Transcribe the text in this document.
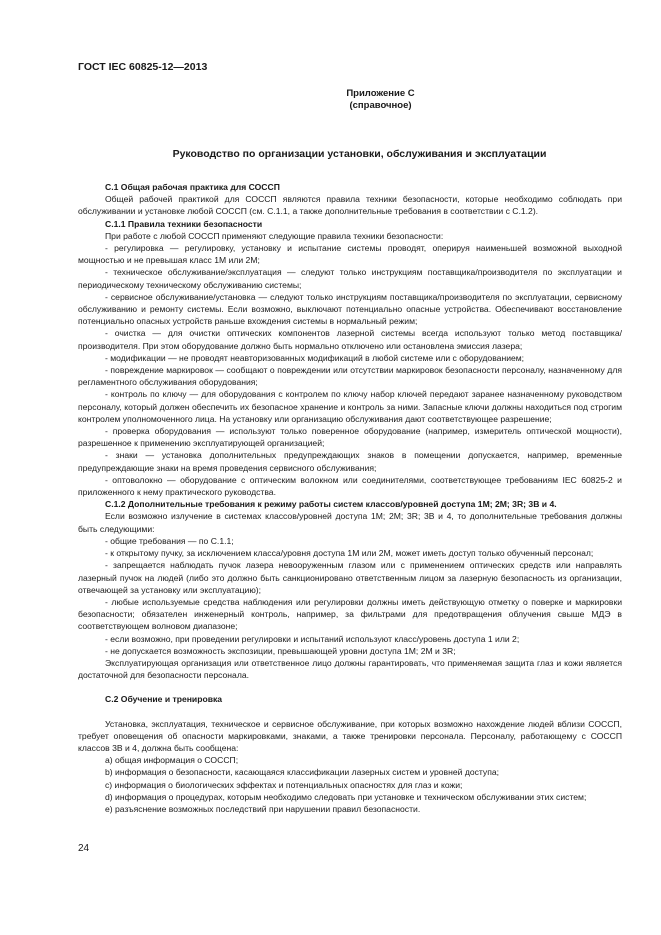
ГОСТ IEC 60825-12—2013
Приложение С
(справочное)
Руководство по организации установки, обслуживания и эксплуатации

С.1 Общая рабочая практика для СОССП

Общей рабочей практикой для СОССП являются правила техники безопасности, которые необходимо соблюдать при обслуживании и установке любой СОССП (см. С.1.1, а также дополнительные требования в соответствии с С.1.2).

С.1.1 Правила техники безопасности

При работе с любой СОССП применяют следующие правила техники безопасности:

- регулировка — регулировку, установку и испытание системы проводят, оперируя наименьшей возможной выходной мощностью и не превышая класс 1M или 2M;

- техническое обслуживание/эксплуатация — следуют только инструкциям поставщика/производителя по эксплуатации и периодическому техническому обслуживанию системы;

- сервисное обслуживание/установка — следуют только инструкциям поставщика/производителя по эксплуатации, сервисному обслуживанию и ремонту системы. Если возможно, выключают потенциально опасные устройства. Обеспечивают восстановление потенциально опасных устройств раньше вхождения системы в нормальный режим;

- очистка — для очистки оптических компонентов лазерной системы всегда используют только метод поставщика/производителя. При этом оборудование должно быть нормально отключено или остановлена эмиссия лазера;

- модификации — не проводят неавторизованных модификаций в любой системе или с оборудованием;

- повреждение маркировок — сообщают о повреждении или отсутствии маркировок безопасности персоналу, назначенному для регламентного обслуживания оборудования;

- контроль по ключу — для оборудования с контролем по ключу набор ключей передают заранее назначенному руководством персоналу, который должен обеспечить их безопасное хранение и контроль за ними. Запасные ключи должны находиться под строгим контролем уполномоченного лица. На установку или организацию обслуживания дают соответствующее разрешение;

- проверка оборудования — используют только поверенное оборудование (например, измеритель оптической мощности), разрешенное к применению эксплуатирующей организацией;

- знаки — установка дополнительных предупреждающих знаков в помещении допускается, например, временные предупреждающие знаки на время проведения сервисного обслуживания;

- оптоволокно — оборудование с оптическим волокном или соединителями, соответствующее требованиям IEC 60825-2 и приложенного к нему практического руководства.

С.1.2 Дополнительные требования к режиму работы систем классов/уровней доступа 1M; 2M; 3R; 3B и 4.

Если возможно излучение в системах классов/уровней доступа 1M; 2M; 3R; 3B и 4, то дополнительные требования должны быть следующими:

- общие требования — по С.1.1;

- к открытому пучку, за исключением класса/уровня доступа 1M или 2M, может иметь доступ только обученный персонал;

- запрещается наблюдать пучок лазера невооруженным глазом или с применением оптических средств или направлять лазерный пучок на людей (либо это должно быть санкционировано ответственным лицом за лазерную безопасность из организации, отвечающей за установку или эксплуатацию);

- любые используемые средства наблюдения или регулировки должны иметь действующую отметку о поверке и маркировки безопасности; обязателен инженерный контроль, например, за фильтрами для предотвращения облучения свыше МДЭ в соответствующем волновом диапазоне;

- если возможно, при проведении регулировки и испытаний используют класс/уровень доступа 1 или 2;

- не допускается возможность экспозиции, превышающей уровни доступа 1M; 2M и 3R;

Эксплуатирующая организация или ответственное лицо должны гарантировать, что применяемая защита глаз и кожи является достаточной для безопасности персонала.

С.2 Обучение и тренировка

Установка, эксплуатация, техническое и сервисное обслуживание, при которых возможно нахождение людей вблизи СОССП, требует оповещения об опасности маркировками, знаками, а также тренировки персонала. Персоналу, работающему с СОССП классов 3B и 4, должна быть сообщена:

a) общая информация о СОССП;

b) информация о безопасности, касающаяся классификации лазерных систем и уровней доступа;

c) информация о биологических эффектах и потенциальных опасностях для глаз и кожи;

d) информация о процедурах, которым необходимо следовать при установке и техническом обслуживании этих систем;

e) разъяснение возможных последствий при нарушении правил безопасности.

24
